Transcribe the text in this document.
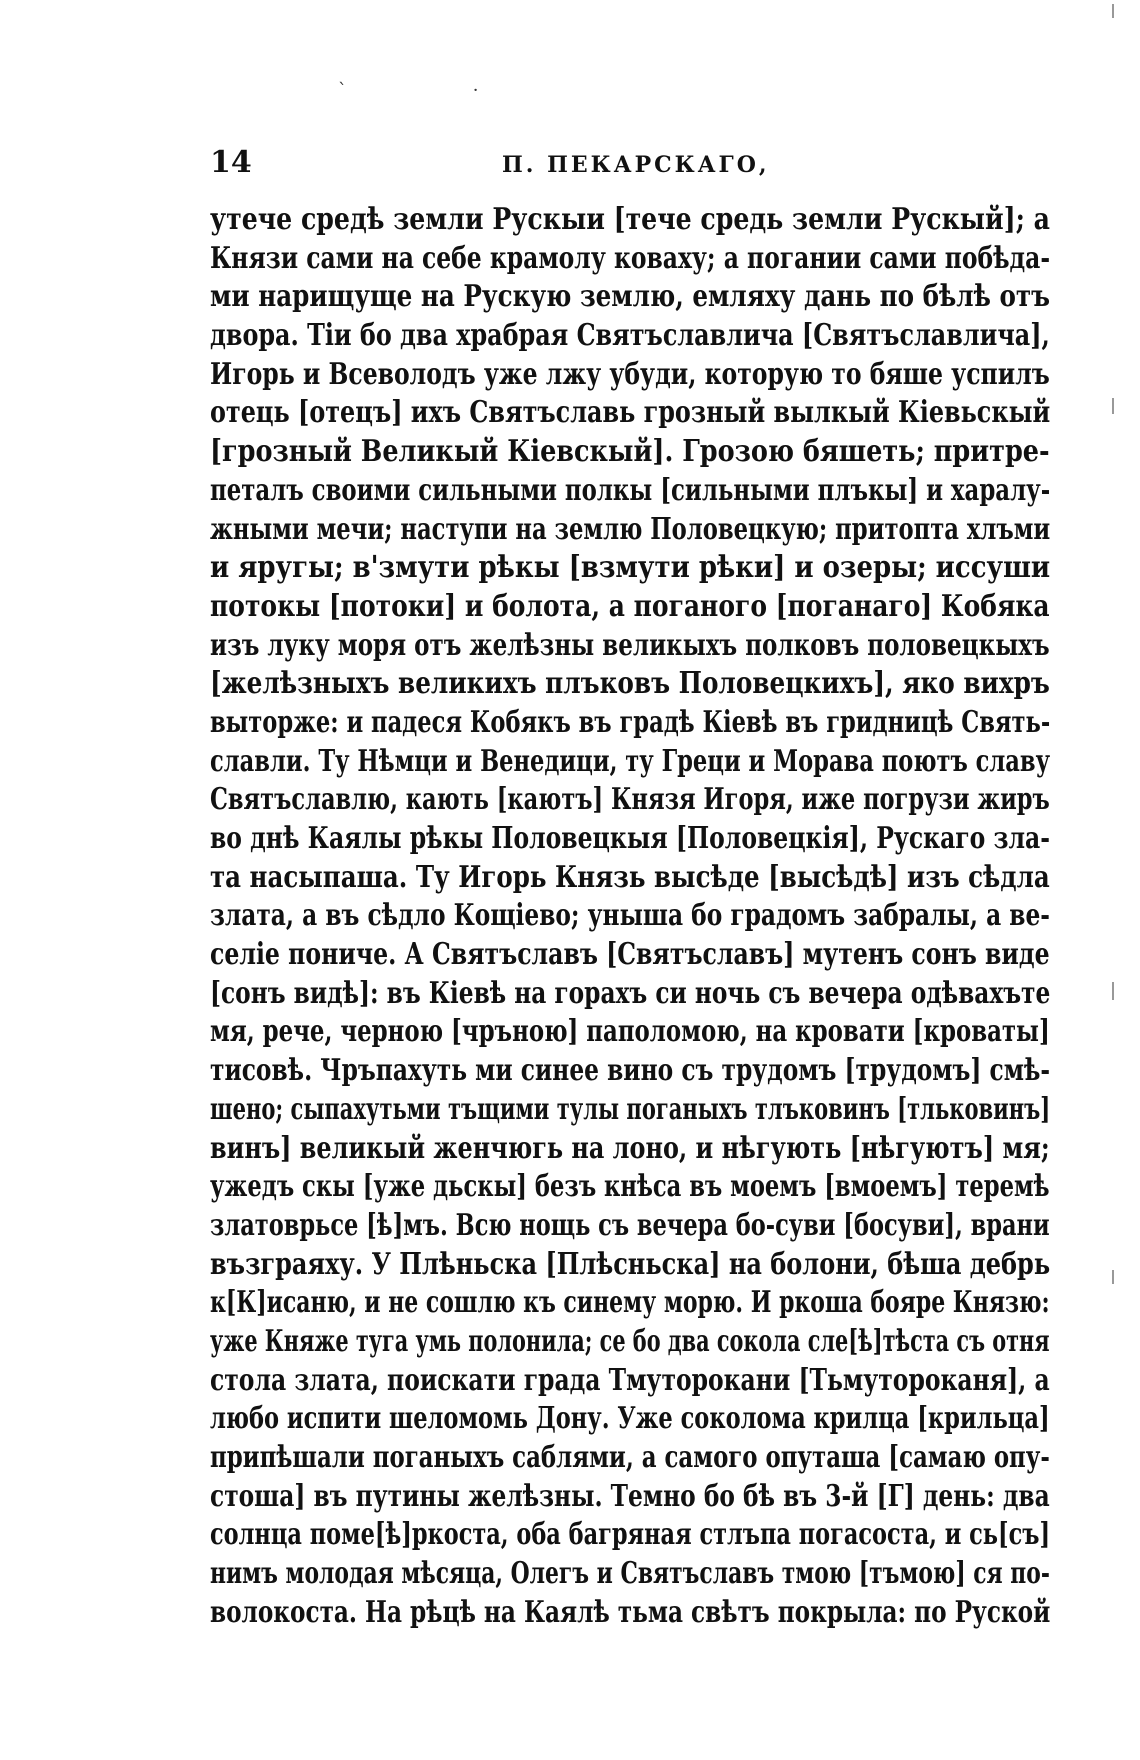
` ·
14	П. ПЕКАРСКАГО,
утече средѣ земли Рускыи [тече средь земли Рускый]; а
Князи сами на себе крамолу коваху; а погании сами побѣда-
ми нарищуще на Рускую землю, емляху дань по бѣлѣ отъ
двора. Тіи бо два храбрая Святъславлича [Святъславлича],
Игорь и Всеволодъ уже лжу убуди, которую то бяше успилъ
отець [отецъ] ихъ Святъславь грозный вылкый Кіевьскый
[грозный Великый Кіевскый]. Грозою бяшеть; притре-
петалъ своими сильными полкы [сильными плъкы] и харалу-
жными мечи; наступи на землю Половецкую; притопта хлъми
и яругы; в'змути рѣкы [взмути рѣки] и озеры; иссуши
потокы [потоки] и болота, а поганого [поганаго] Кобяка
изъ луку моря отъ желѣзны великыхъ полковъ половецкыхъ
[желѣзныхъ великихъ плъковъ Половецкихъ], яко вихръ
выторже: и падеся Кобякъ въ градѣ Кіевѣ въ гридницѣ Свять-
славли. Ту Нѣмци и Венедици, ту Греци и Морава поютъ славу
Святъславлю, кають [каютъ] Князя Игоря, иже погрузи жиръ
во днѣ Каялы рѣкы Половецкыя [Половецкія], Рускаго зла-
та насыпаша. Ту Игорь Князь высѣде [высѣдѣ] изъ сѣдла
злата, а въ сѣдло Кощіево; уныша бо градомъ забралы, а ве-
селіе пониче. А Святъславъ [Святъславъ] мутенъ сонъ виде
[сонъ видѣ]: въ Кіевѣ на горахъ си ночь съ вечера одѣвахъте
мя, рече, черною [чръною] паполомою, на кровати [кроваты]
тисовѣ. Чръпахуть ми синее вино съ трудомъ [трудомъ] смѣ-
шено; сыпахутьми тъщими тулы поганыхъ тлъковинъ [тльковинъ]
винъ] великый женчюгь на лоно, и нѣгують [нѣгуютъ] мя;
ужедъ скы [уже дьскы] безъ кнѣса въ моемъ [вмоемъ] теремѣ
златоврьсе [ѣ]мъ. Всю нощь съ вечера бо-суви [босуви], врани
възграяху. У Плѣньска [Плѣсньска] на болони, бѣша дебрь
к[К]исаню, и не сошлю къ синему морю. И ркоша бояре Князю:
уже Княже туга умь полонила; се бо два сокола сле[ѣ]тѣста съ отня
стола злата, поискати града Тмуторокани [Тьмутороканя], а
любо испити шеломомь Дону. Уже соколома крилца [крильца]
припѣшали поганыхъ саблями, а самого опуташа [самаю опу-
стоша] въ путины желѣзны. Темно бо бѣ въ 3-й [Г] день: два
солнца поме[ѣ]ркоста, оба багряная стлъпа погасоста, и сь[съ]
нимъ молодая мѣсяца, Олегъ и Святъславъ тмою [тъмою] ся по-
волокоста. На рѣцѣ на Каялѣ тьма свѣтъ покрыла: по Руской
